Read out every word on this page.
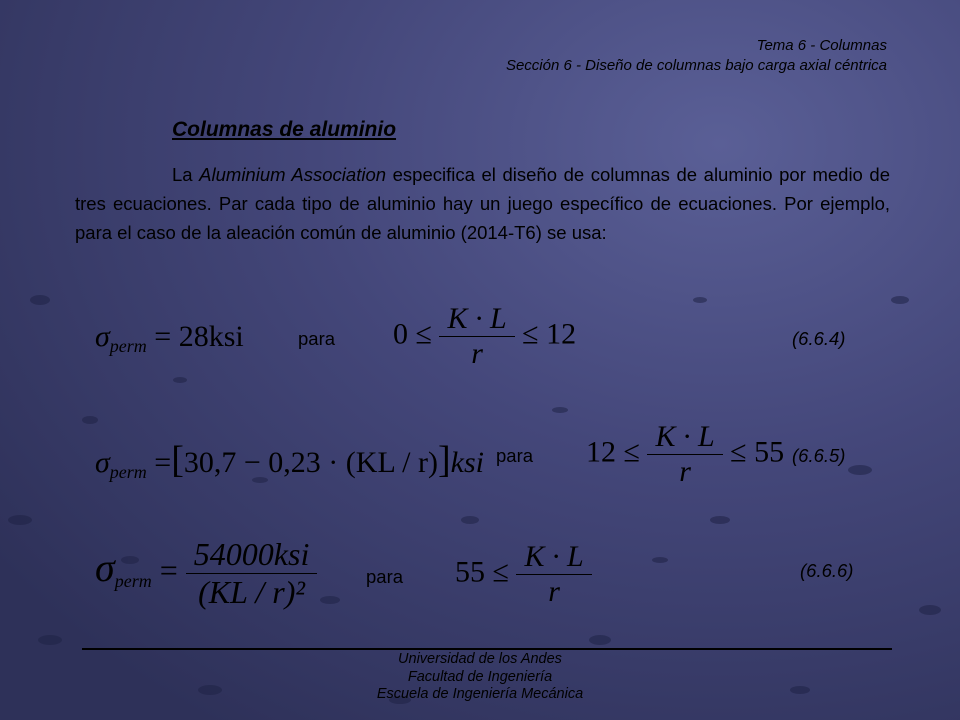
Tema 6 - Columnas
Sección 6 - Diseño de columnas bajo carga axial céntrica
Columnas de aluminio
La Aluminium Association especifica el diseño de columnas de aluminio por medio de tres ecuaciones. Par cada tipo de aluminio hay un juego específico de ecuaciones. Por ejemplo, para el caso de la aleación común de aluminio (2014-T6) se usa:
$\sigma_{perm} = 28ksi$	para $0 \le \frac{K \cdot L}{r} \le 12$	(6.6.4)
$\sigma_{perm} =[30,7 - 0,23 \cdot (KL / r)]ksi$ para $12 \le \frac{K \cdot L}{r} \le 55$ (6.6.5)
$\sigma_{perm} = \frac{\text{54000ksi}}{\text{(KL / r)²}}$	para $55 \le \frac{K \cdot L}{r}$	(6.6.6)
Universidad de los Andes
Facultad de Ingeniería
Escuela de Ingeniería Mecánica
